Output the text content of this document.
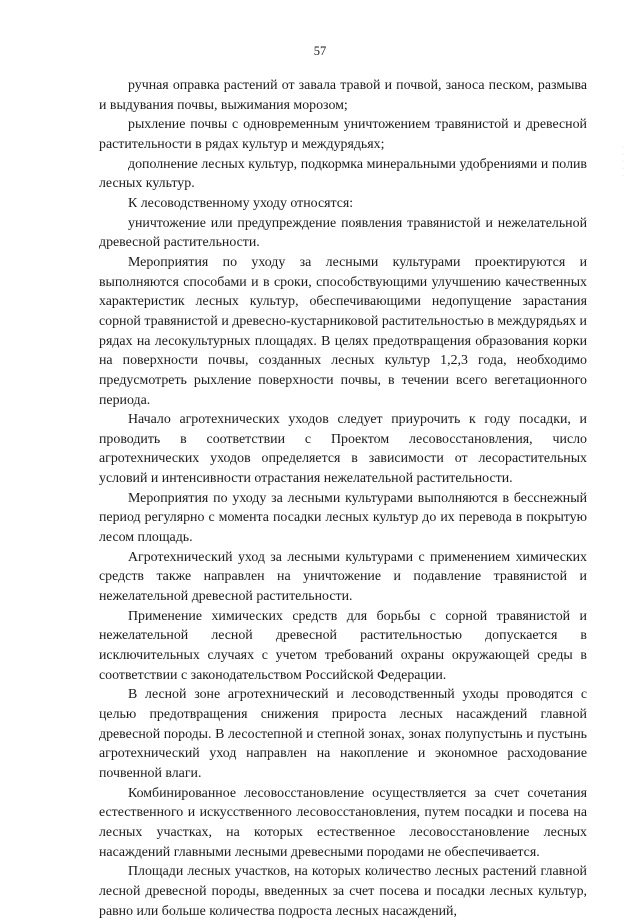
57

ручная оправка растений от завала травой и почвой, заноса песком, размыва и выдувания почвы, выжимания морозом;

рыхление почвы с одновременным уничтожением травянистой и древесной растительности в рядах культур и междурядьях;

дополнение лесных культур, подкормка минеральными удобрениями и полив лесных культур.

К лесоводственному уходу относятся:

уничтожение или предупреждение появления травянистой и нежелательной древесной растительности.

Мероприятия по уходу за лесными культурами проектируются и выполняются способами и в сроки, способствующими улучшению качественных характеристик лесных культур, обеспечивающими недопущение зарастания сорной травянистой и древесно-кустарниковой растительностью в междурядьях и рядах на лесокультурных площадях. В целях предотвращения образования корки на поверхности почвы, созданных лесных культур 1,2,3 года, необходимо предусмотреть рыхление поверхности почвы, в течении всего вегетационного периода.

Начало агротехнических уходов следует приурочить к году посадки, и проводить в соответствии с Проектом лесовосстановления, число агротехнических уходов определяется в зависимости от лесорастительных условий и интенсивности отрастания нежелательной растительности.

Мероприятия по уходу за лесными культурами выполняются в бесснежный период регулярно с момента посадки лесных культур до их перевода в покрытую лесом площадь.

Агротехнический уход за лесными культурами с применением химических средств также направлен на уничтожение и подавление травянистой и нежелательной древесной растительности.

Применение химических средств для борьбы с сорной травянистой и нежелательной лесной древесной растительностью допускается в исключительных случаях с учетом требований охраны окружающей среды в соответствии с законодательством Российской Федерации.

В лесной зоне агротехнический и лесоводственный уходы проводятся с целью предотвращения снижения прироста лесных насаждений главной древесной породы. В лесостепной и степной зонах, зонах полупустынь и пустынь агротехнический уход направлен на накопление и экономное расходование почвенной влаги.

Комбинированное лесовосстановление осуществляется за счет сочетания естественного и искусственного лесовосстановления, путем посадки и посева на лесных участках, на которых естественное лесовосстановление лесных насаждений главными лесными древесными породами не обеспечивается.

Площади лесных участков, на которых количество лесных растений главной лесной древесной породы, введенных за счет посева и посадки лесных культур, равно или больше количества подроста лесных насаждений,

·
·
·
·
·
